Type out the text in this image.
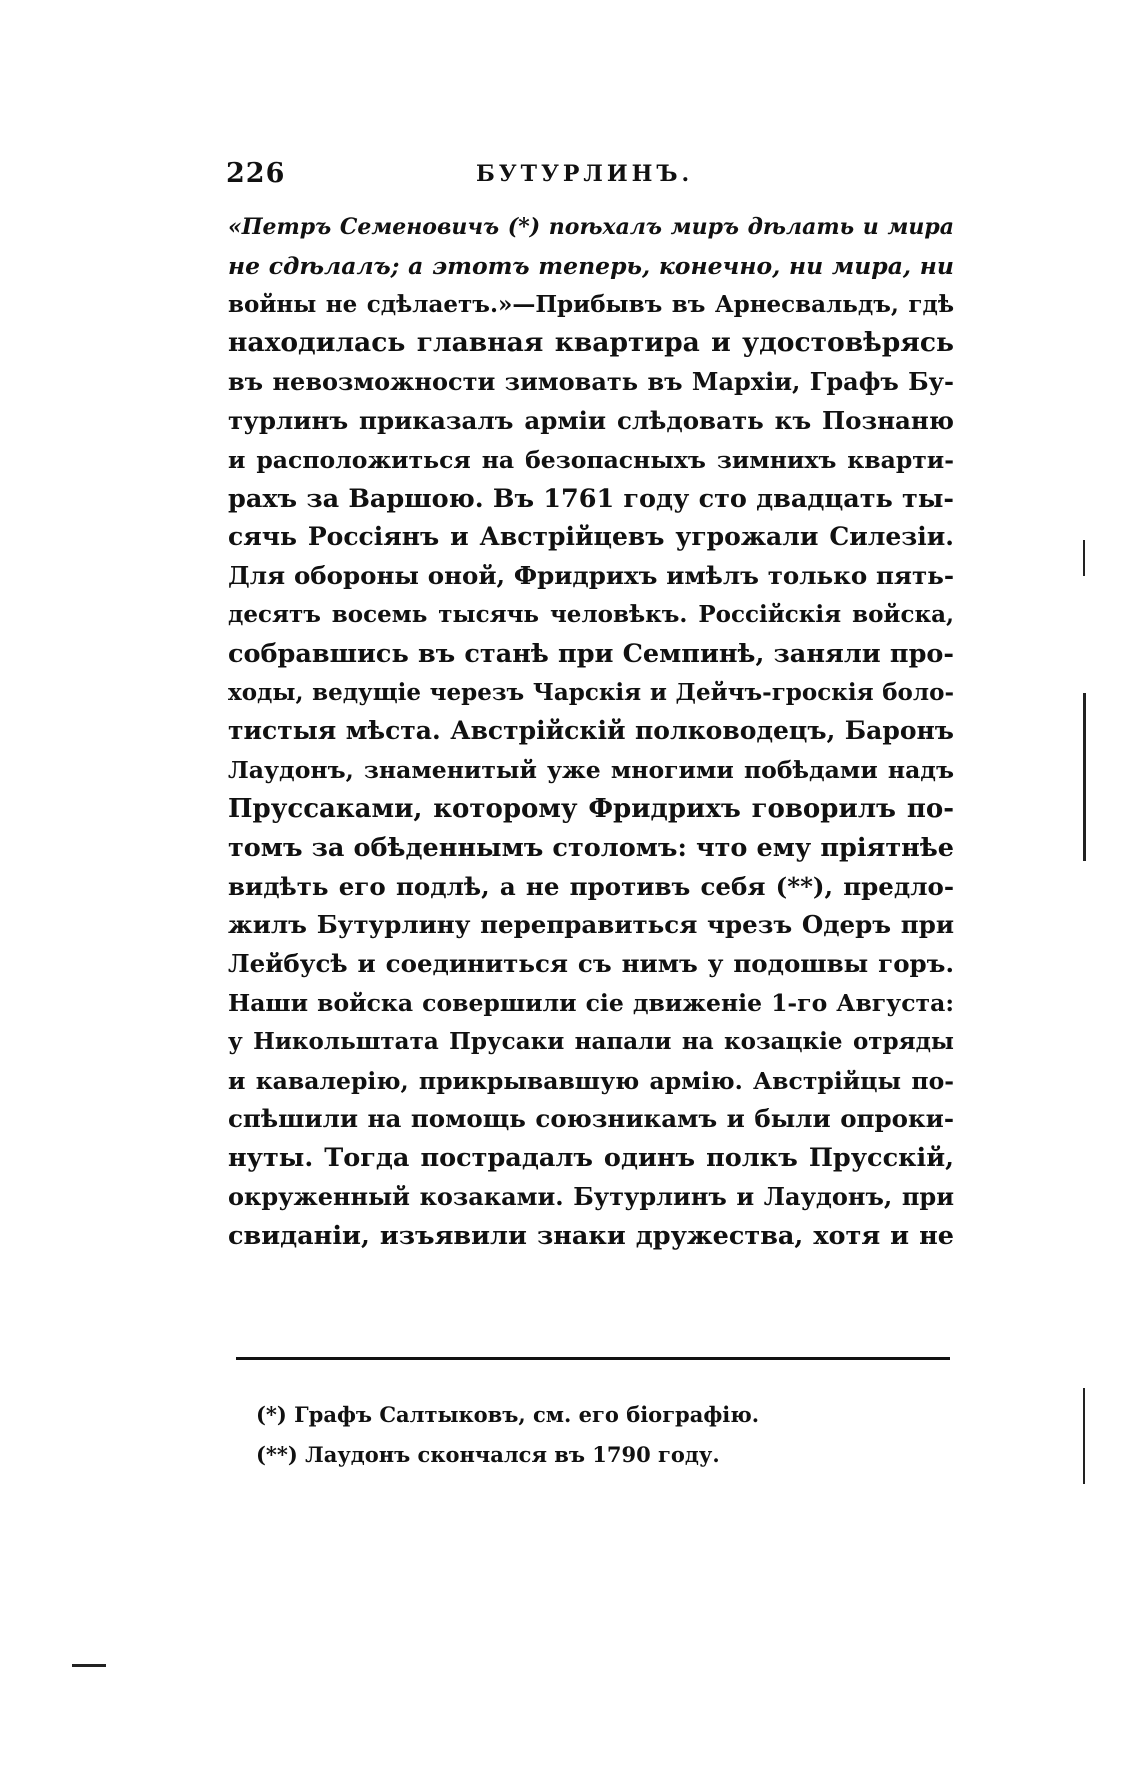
226	БУТУРЛИНЪ.
«Петръ Семеновичъ (*) поѣхалъ миръ дѣлать и мира
не сдѣлалъ; а этотъ теперь, конечно, ни мира, ни
войны не сдѣлаетъ.»—Прибывъ въ Арнесвальдъ, гдѣ
находилась главная квартира и удостовѣрясь
въ невозможности зимовать въ Мархіи, Графъ Бу-
турлинъ приказалъ арміи слѣдовать къ Познаню
и расположиться на безопасныхъ зимнихъ кварти-
рахъ за Варшою. Въ 1761 году сто двадцать ты-
сячь Россіянъ и Австрійцевъ угрожали Силезіи.
Для обороны оной, Фридрихъ имѣлъ только пять-
десятъ восемь тысячь человѣкъ. Россійскія войска,
собравшись въ станѣ при Семпинѣ, заняли про-
ходы, ведущіе черезъ Чарскія и Дейчъ-гроскія боло-
тистыя мѣста. Австрійскій полководецъ, Баронъ
Лаудонъ, знаменитый уже многими побѣдами надъ
Пруссаками, которому Фридрихъ говорилъ по-
томъ за обѣденнымъ столомъ: что ему пріятнѣе
видѣть его подлѣ, а не противъ себя (**), предло-
жилъ Бутурлину переправиться чрезъ Одеръ при
Лейбусѣ и соединиться съ нимъ у подошвы горъ.
Наши войска совершили сіе движеніе 1-го Августа:
у Никольштата Прусаки напали на козацкіе отряды
и кавалерію, прикрывавшую армію. Австрійцы по-
спѣшили на помощь союзникамъ и были опроки-
нуты. Тогда пострадалъ одинъ полкъ Прусскій,
окруженный козаками. Бутурлинъ и Лаудонъ, при
свиданіи, изъявили знаки дружества, хотя и не
(*) Графъ Салтыковъ, см. его біографію.
(**) Лаудонъ скончался въ 1790 году.
